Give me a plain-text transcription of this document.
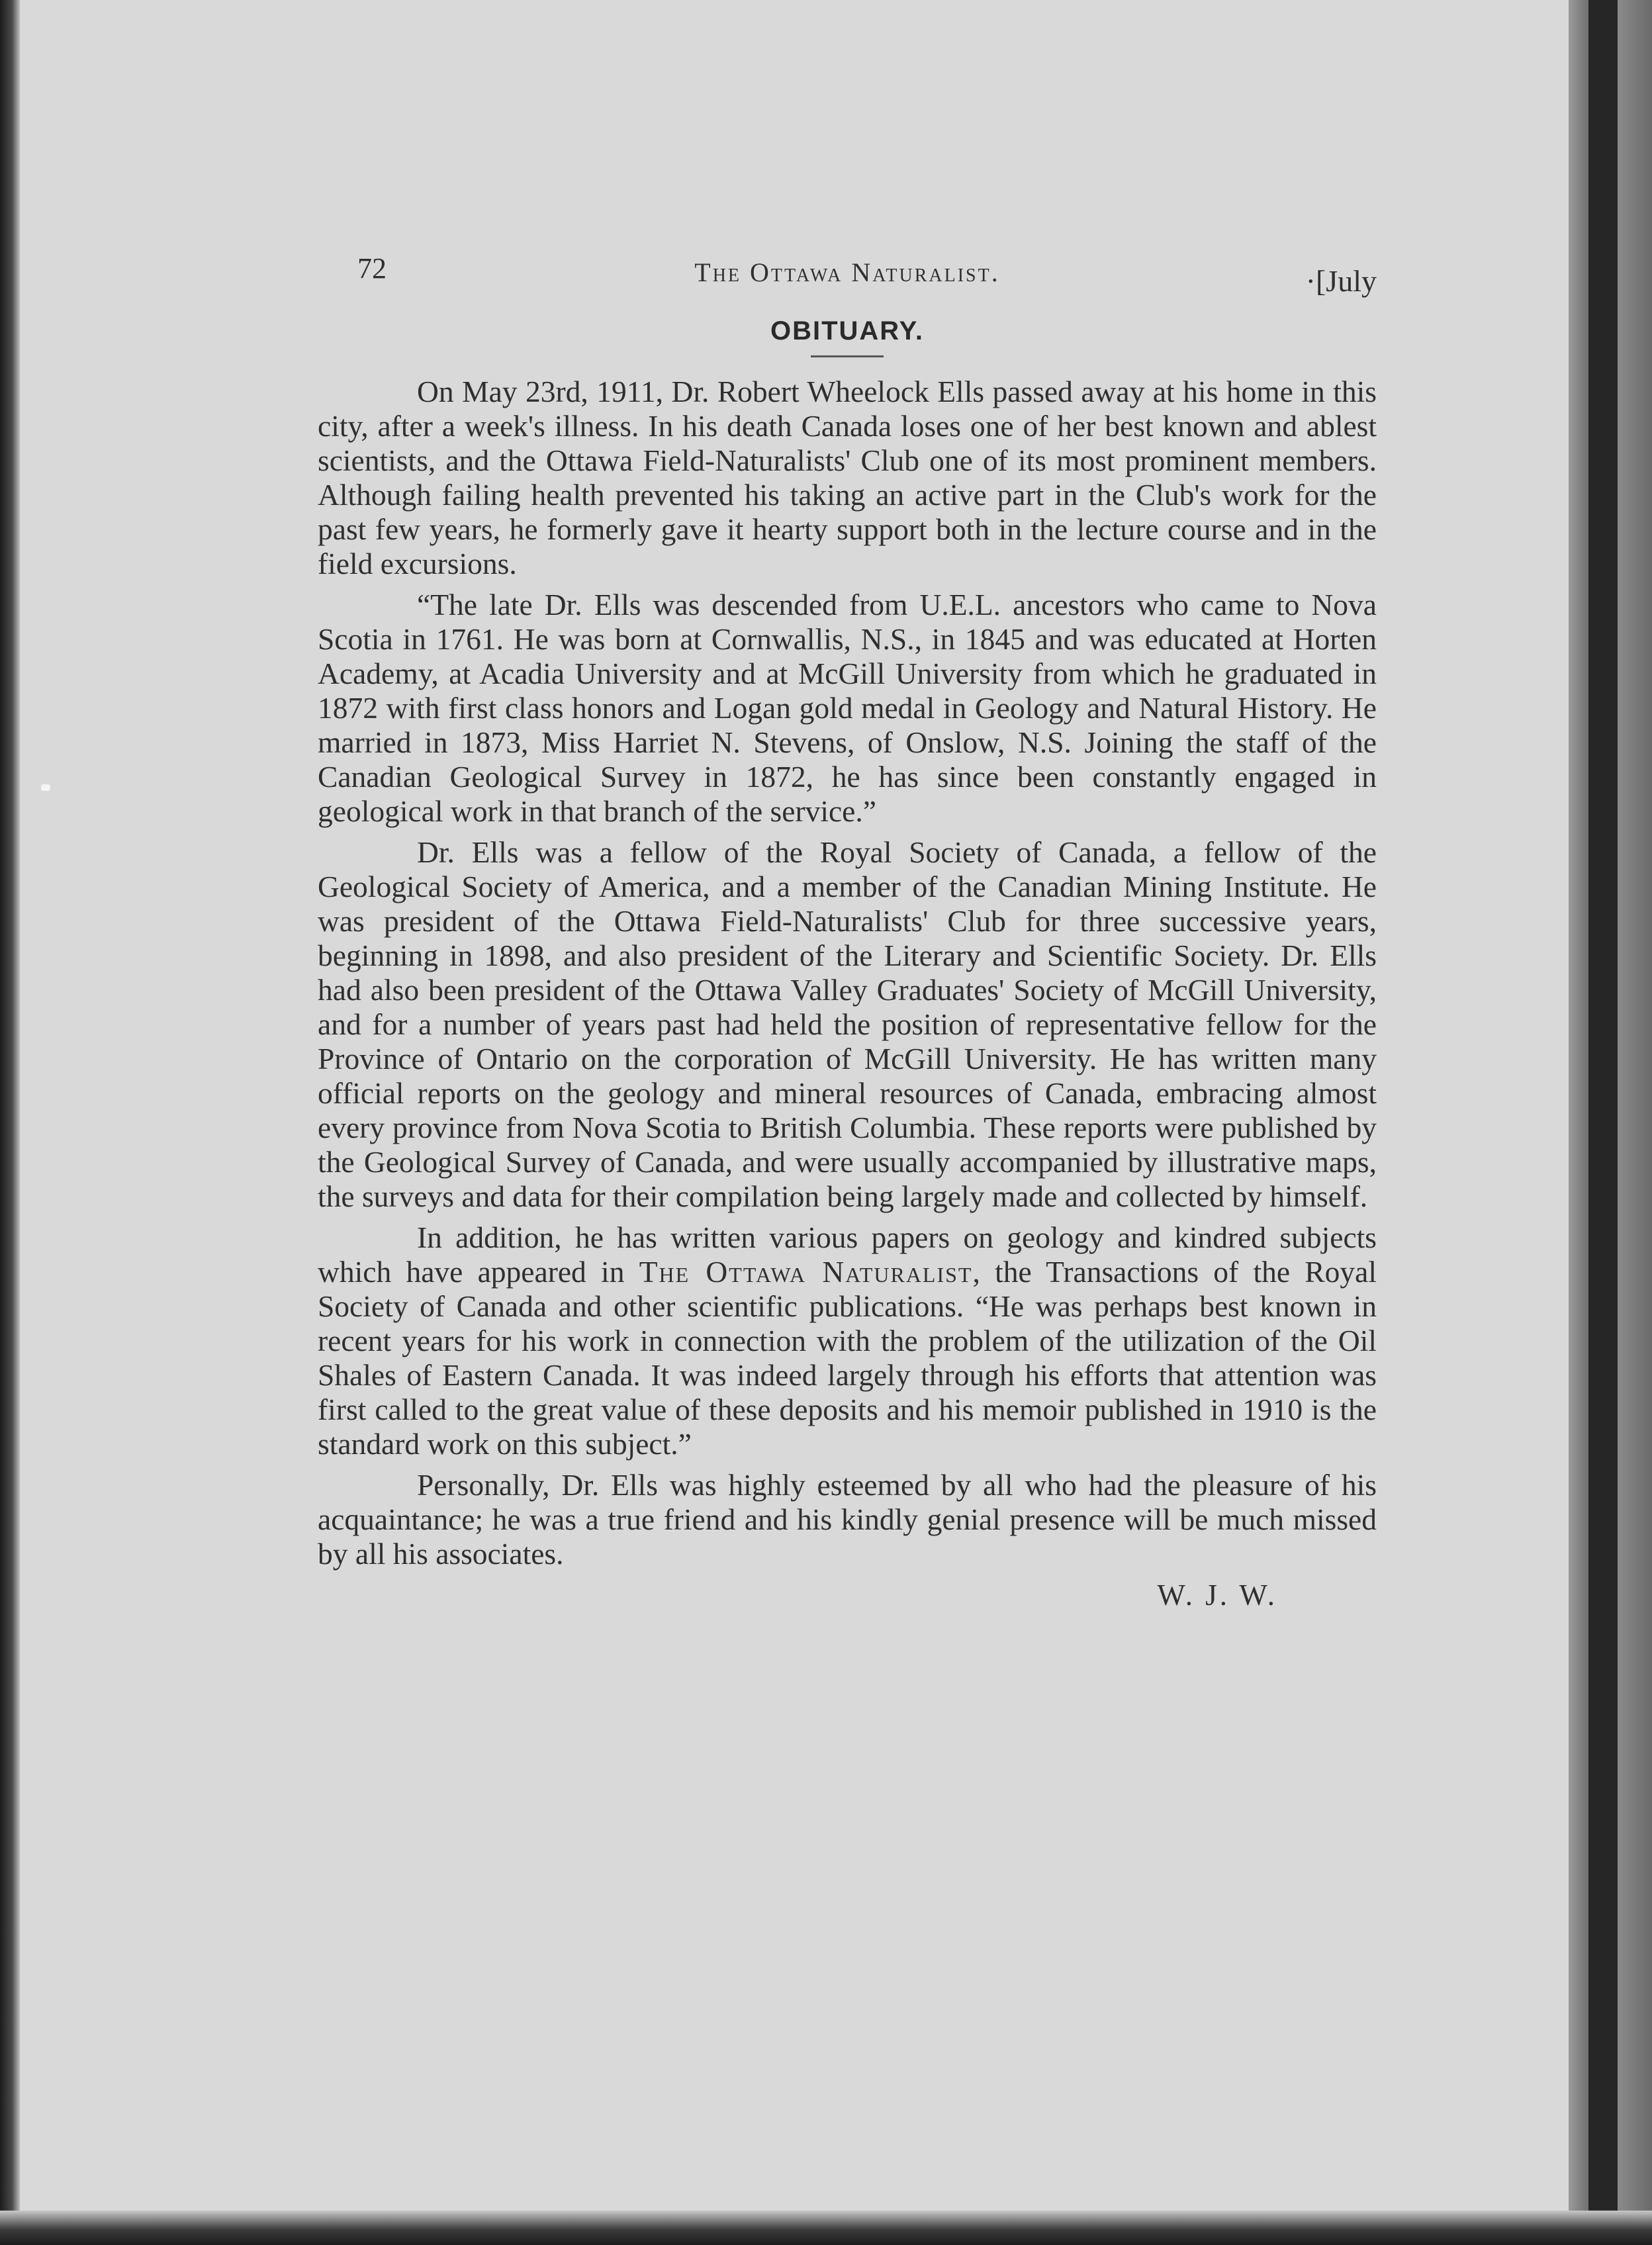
72	The Ottawa Naturalist.	·[July
OBITUARY.

On May 23rd, 1911, Dr. Robert Wheelock Ells passed away at his home in this city, after a week's illness. In his death Canada loses one of her best known and ablest scientists, and the Ottawa Field-Naturalists' Club one of its most prominent members. Although failing health prevented his taking an active part in the Club's work for the past few years, he formerly gave it hearty support both in the lecture course and in the field excursions.

“The late Dr. Ells was descended from U.E.L. ancestors who came to Nova Scotia in 1761. He was born at Cornwallis, N.S., in 1845 and was educated at Horten Academy, at Acadia University and at McGill University from which he graduated in 1872 with first class honors and Logan gold medal in Geology and Natural History. He married in 1873, Miss Harriet N. Stevens, of Onslow, N.S. Joining the staff of the Canadian Geological Survey in 1872, he has since been constantly engaged in geological work in that branch of the service.”

Dr. Ells was a fellow of the Royal Society of Canada, a fellow of the Geological Society of America, and a member of the Canadian Mining Institute. He was president of the Ottawa Field-Naturalists' Club for three successive years, beginning in 1898, and also president of the Literary and Scientific Society. Dr. Ells had also been president of the Ottawa Valley Graduates' Society of McGill University, and for a number of years past had held the position of representative fellow for the Province of Ontario on the corporation of McGill University. He has written many official reports on the geology and mineral resources of Canada, embracing almost every province from Nova Scotia to British Columbia. These reports were published by the Geological Survey of Canada, and were usually accompanied by illustrative maps, the surveys and data for their compilation being largely made and collected by himself.

In addition, he has written various papers on geology and kindred subjects which have appeared in The Ottawa Naturalist, the Transactions of the Royal Society of Canada and other scientific publications. “He was perhaps best known in recent years for his work in connection with the problem of the utilization of the Oil Shales of Eastern Canada. It was indeed largely through his efforts that attention was first called to the great value of these deposits and his memoir published in 1910 is the standard work on this subject.”

Personally, Dr. Ells was highly esteemed by all who had the pleasure of his acquaintance; he was a true friend and his kindly genial presence will be much missed by all his associates.

W. J. W.
